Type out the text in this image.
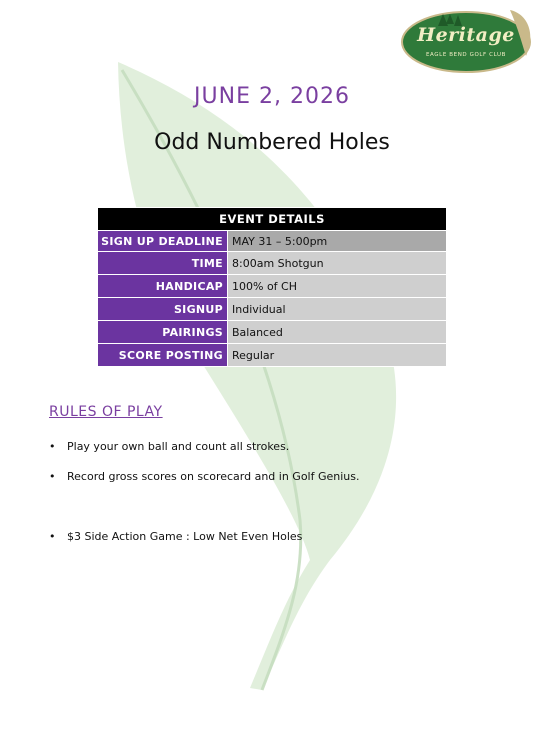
Heritage
EAGLE BEND GOLF CLUB
JUNE 2, 2026
Odd Numbered Holes
EVENT DETAILS	
SIGN UP DEADLINE	MAY 31 – 5:00pm
TIME	8:00am Shotgun
HANDICAP	100% of CH
SIGNUP	Individual
PAIRINGS	Balanced
SCORE POSTING	Regular
RULES OF PLAY
• Play your own ball and count all strokes.
• Record gross scores on scorecard and in Golf Genius.
• $3 Side Action Game : Low Net Even Holes
